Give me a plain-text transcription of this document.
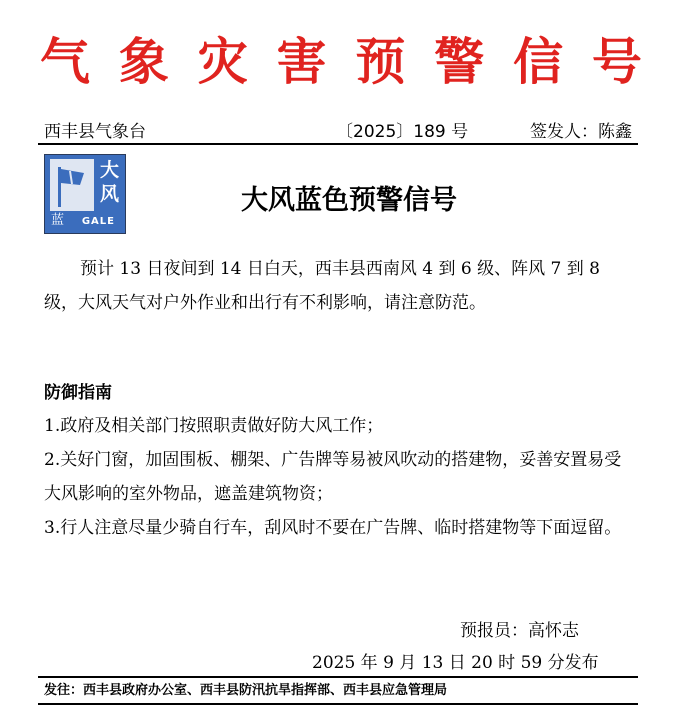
气 象 灾 害 预 警 信 号
西丰县气象台	〔2025〕189 号	签发人：陈鑫
大
风
蓝 GALE
大风蓝色预警信号
预计 13 日夜间到 14 日白天，西丰县西南风 4 到 6 级、阵风 7 到 8 级，大风天气对户外作业和出行有不利影响，请注意防范。
防御指南
1.政府及相关部门按照职责做好防大风工作；
2.关好门窗，加固围板、棚架、广告牌等易被风吹动的搭建物，妥善安置易受大风影响的室外物品，遮盖建筑物资；
3.行人注意尽量少骑自行车，刮风时不要在广告牌、临时搭建物等下面逗留。
预报员：高怀志
2025 年 9 月 13 日 20 时 59 分发布
发往：西丰县政府办公室、西丰县防汛抗旱指挥部、西丰县应急管理局
